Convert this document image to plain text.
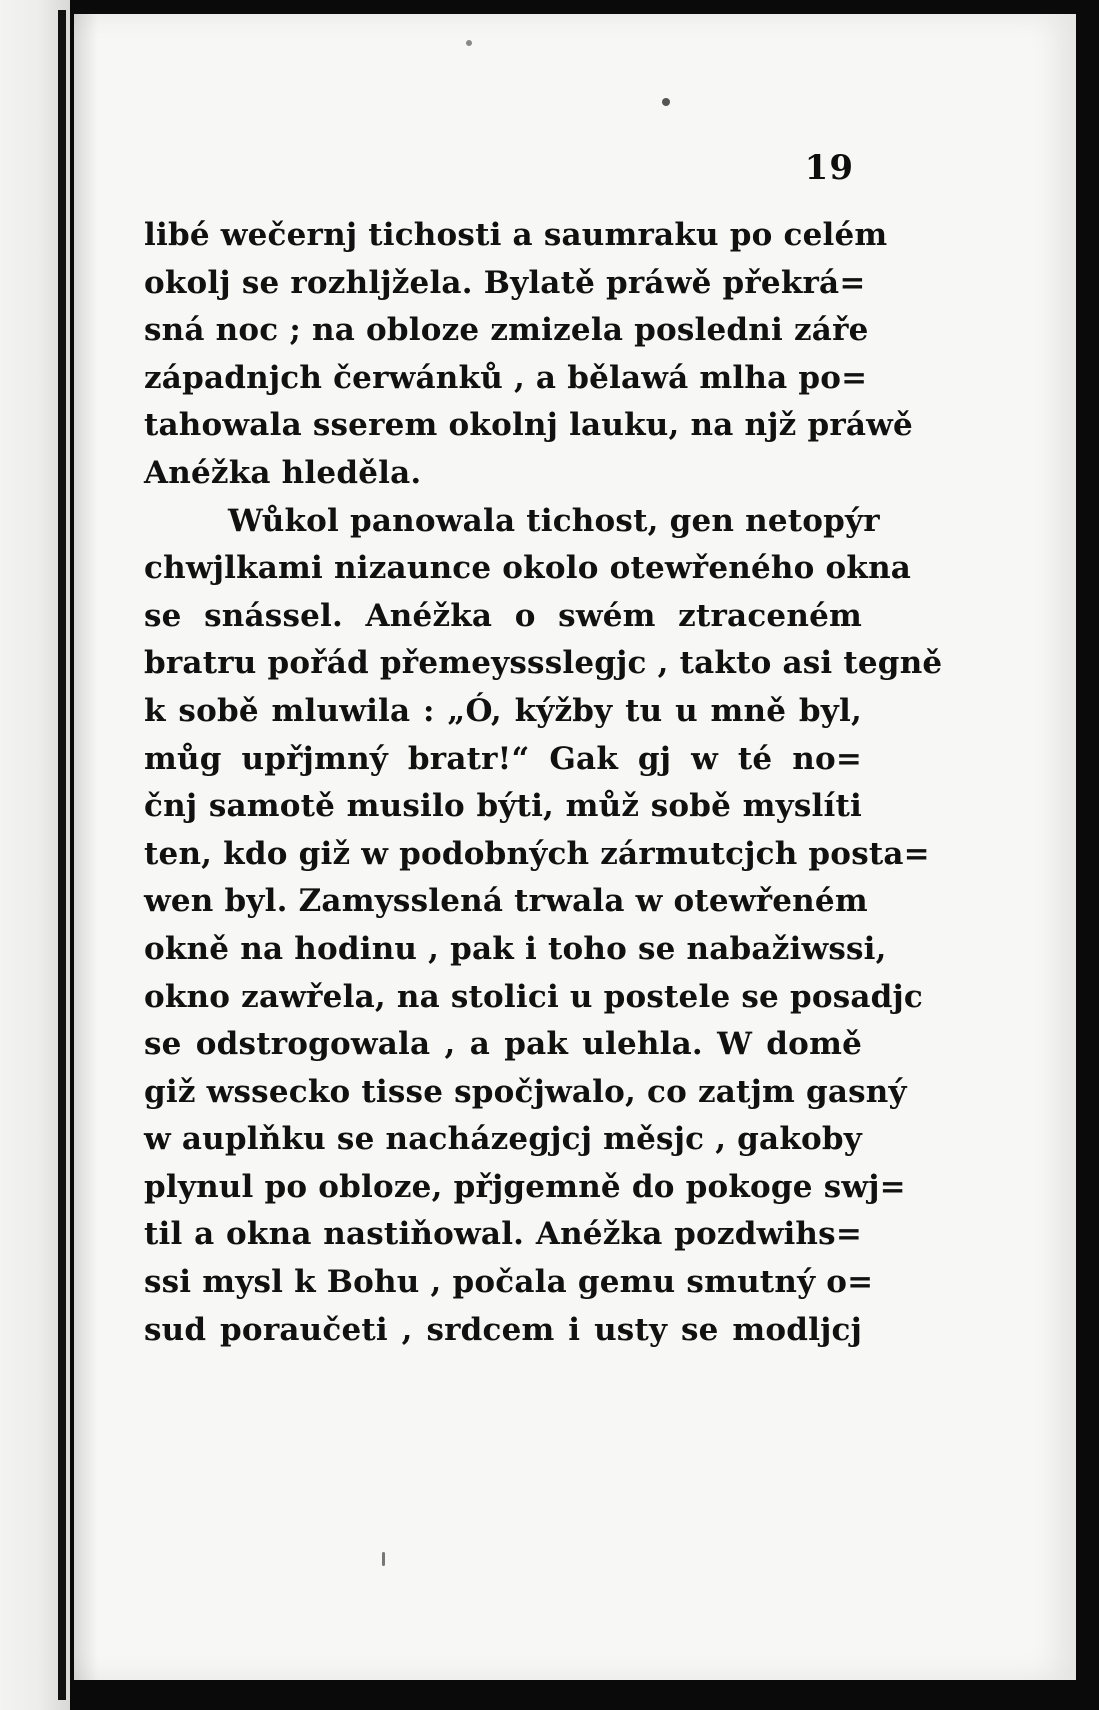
19

libé wečernj tichosti a saumraku po celém
okolj se rozhljžela. Bylatě práwě překrá=
sná noc ; na obloze zmizela posledni záře
západnjch čerwánků , a bělawá mlha po=
tahowala sserem okolnj lauku, na njž práwě
Anéžka hleděla.
Wůkol panowala tichost, gen netopýr
chwjlkami nizaunce okolo otewřeného okna
se snássel. Anéžka o swém ztraceném
bratru pořád přemeyssslegjc , takto asi tegně
k sobě mluwila : „Ó, kýžby tu u mně byl,
můg upřjmný bratr!“ Gak gj w té no=
čnj samotě musilo býti, můž sobě myslíti
ten, kdo giž w podobných zármutcjch posta=
wen byl. Zamysslená trwala w otewřeném
okně na hodinu , pak i toho se nabažiwssi,
okno zawřela, na stolici u postele se posadjc
se odstrogowala , a pak ulehla. W domě
giž wsseckо tisse spočjwalo, co zatjm gasný
w auplňku se nacházegjcj měsjc , gakoby
plynul po obloze, přjgemně do pokoge swj=
til a okna nastiňowal. Anéžka pozdwihs=
ssi mysl k Bohu , počala gemu smutný o=
sud poraučeti , srdcem i usty se modljcj
